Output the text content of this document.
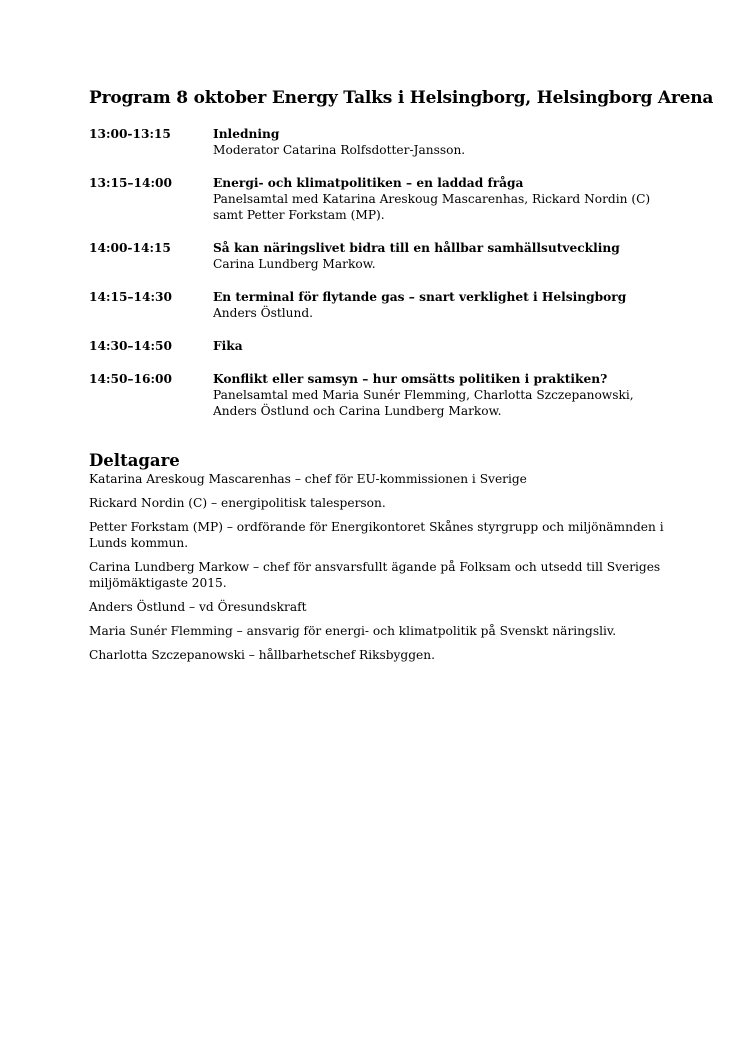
Program 8 oktober Energy Talks i Helsingborg, Helsingborg Arena
13:00-13:15	Inledning
Moderator Catarina Rolfsdotter-Jansson.
13:15–14:00	Energi- och klimatpolitiken – en laddad fråga
Panelsamtal med Katarina Areskoug Mascarenhas, Rickard Nordin (C) samt Petter Forkstam (MP).
14:00-14:15	Så kan näringslivet bidra till en hållbar samhällsutveckling
Carina Lundberg Markow.
14:15–14:30	En terminal för flytande gas – snart verklighet i Helsingborg
Anders Östlund.
14:30–14:50	Fika
14:50–16:00	Konflikt eller samsyn – hur omsätts politiken i praktiken?
Panelsamtal med Maria Sunér Flemming, Charlotta Szczepanowski, Anders Östlund och Carina Lundberg Markow.
Deltagare
Katarina Areskoug Mascarenhas – chef för EU-kommissionen i Sverige
Rickard Nordin (C) – energipolitisk talesperson.
Petter Forkstam (MP) – ordförande för Energikontoret Skånes styrgrupp och miljönämnden i Lunds kommun.
Carina Lundberg Markow – chef för ansvarsfullt ägande på Folksam och utsedd till Sveriges miljömäktigaste 2015.
Anders Östlund – vd Öresundskraft
Maria Sunér Flemming – ansvarig för energi- och klimatpolitik på Svenskt näringsliv.
Charlotta Szczepanowski – hållbarhetschef Riksbyggen.
